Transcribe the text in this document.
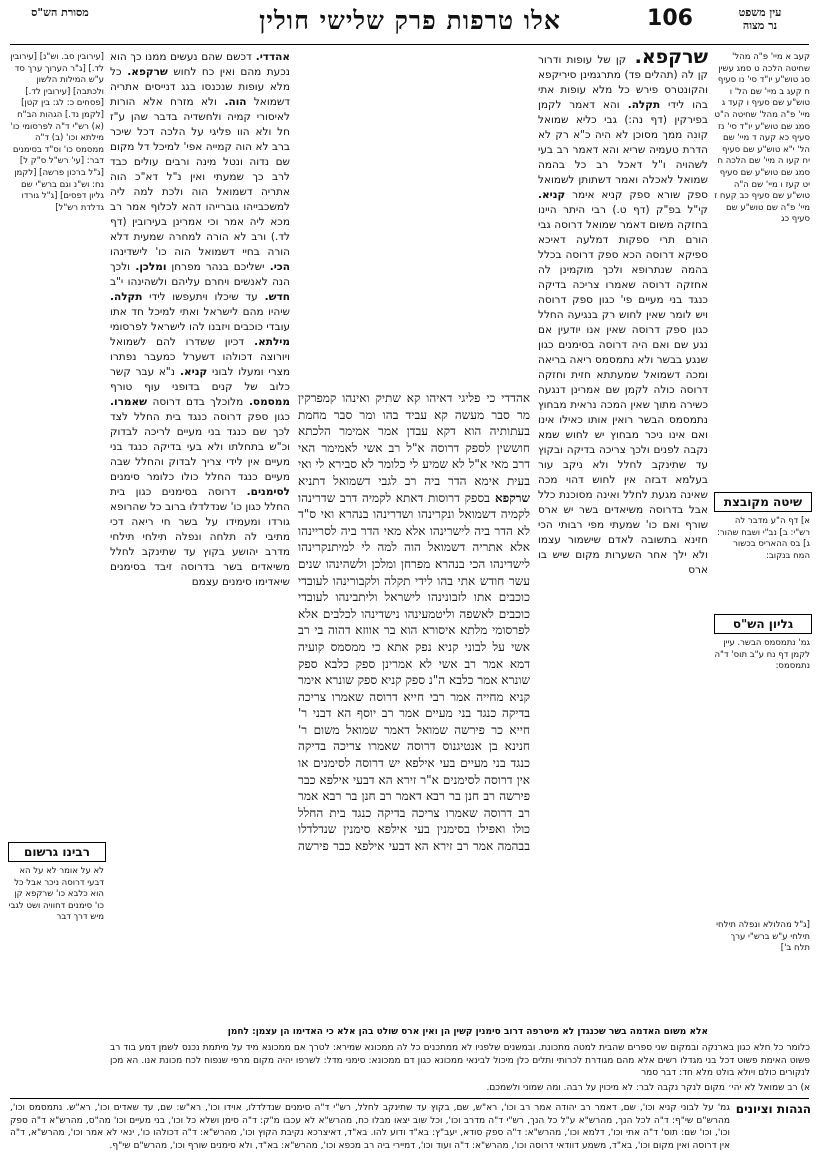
מסורת הש"ס	אלו טרפות פרק שלישי חולין	106	עין משפט
נר מצוה

אהדדי כי פליגי דאיהו קא שתיק ואינהו קמפרקין מר סבר מעשה קא עביד בהו ומר סבר מחמת בעתותיה הוא דקא עבדן אמר אמימר הלכתא חוששין לספק דרוסה א"ל רב אשי לאמימר האי דרב מאי א"ל לא שמיע לי כלומר לא סבירא לי ואי בעית אימא הדר ביה רב לגבי דשמואל דתניא שרקפא בספק דרוסות דאתא לקמיה דרב שדרינהו לקמיה דשמואל ונקרינהו ושדרינהו בנהרא ואי ס"ד לא הדר ביה לישרינהו אלא מאי הדר ביה לסריינהו אלא אתריה דשמואל הוה למה לי למיתנקרינהו לישדינהו הכי בנהרא מפרחן ומלכן ולשהינהו שנים עשר חודש אתי בהו לידי תקלה ולקבורינהו לעובדי כוכבים אתו לזבונינהו לישראל וליתבינהו לעובדי כוכבים לאשפה וליטמעינהו נישדינהו לכלבים אלא לפרסומי מלתא איסורא הוא בר אווזא דהוה בי רב אשי על לבוני קניא נפק אתא כי ממסמס קועיה דמא אמר רב אשי לא אמרינן ספק כלבא ספק שונרא אמר כלבא ה"נ ספק קניא ספק שונרא אימר קניא מחייה אמר רבי חייא דרוסה שאמרו צריכה בדיקה כנגד בני מעיים אמר רב יוסף הא דבני ר' חייא כר פירשה שמואל דאמר שמואל משום ר' חנינא בן אנטיגנוס דרוסה שאמרו צריכה בדיקה כנגד בני מעיים בעי אילפא יש דרוסה לסימנים או אין דרוסה לסימנים א"ר זירא הא דבעי אילפא כבר פירשה רב חנן בר רבא דאמר רב חנן בר רבא אמר רב דרוסה שאמרו צריכה בדיקה כנגד בית החלל כולו ואפילו בסימנין בעי אילפא סימנין שנדלדלו בבהמה אמר רב זירא הא דבעי אילפא כבר פירשה

אהדדי. דכשם שהם נעשים ממנו כך הוא נכעת מהם ואין כח לחוש שרקפא. כל מלא עופות שנכנסו בגג דנייסים אתריה דשמואל הוה. ולא מזרח אלא הורות לאיסורי קמיה ולחשדיה בדבר שהן ע"ז חל ולא הוו פליגי על הלכה דכל שיכר ברב לא הוה קמייה אפי' למיכל דל מקום שם נדוה ונטל מינה ורבים עולים כבד לרב כך שמעתי ואין נ"ל דא"כ הוה אתריה דשמואל הוה ולכת למה ליה למשכבייהו גוברייהו דהא לכלוף אמר רב מכא ליה אמר וכי אמרינן בעירובין (דף לד.) ורב לא הורה למחרה שמעית דלא הורה בחיי דשמואל הוה כו' לישדינהו הכי. ישליכם בנהר מפרחן ומלכן. ולכך הנה לאנשים ויחרם עליהם ולשהינהו י"ב חדש. עד שיכלו ויתעפשו לידי תקלה. שיהיו מהם לישראל ואתי למיכל חד אתו עובדי כוכבים ויזבנו להו לישראל לפרסומי מילתא. דכיון ששדרו להם לשמואל ויורוצה דכולהו דשערל כמעבר נפתרו מצרי ומעלו לבוני קניא. נ"א עבר קשר כלוב של קנים בדופני עוף טורף ממסמס. מלוכלך בדם דרוסה שאמרו. כגון ספק דרוסה כנגד בית החלל לצד לכך שם כנגד בני מעיים לריכה לבדוק וכ"ש בתחלתו ולא בעי בדיקה כנגד בני מעיים אין לידי צריך לבדוק והחלל שבה מעיים כנגד החלל כולו כלומר סימנים לסימנים. דרוסה בסימנים כגון בית החלל כגון כו' שנדלדלו ברוב כל שהרופא גורדו ומעמידו על בשר חי ריאה דכי מתיבי לה תלחה ונפלה תילחי תילחי מדרב יהושע בקוץ עד שתינקב לחלל משיאדים בשר בדרוסה זיבד בסימנים שיאדימו סימנים עצמם

שרקפא. קן של עופות ודרור קן לה (תהלים פד) מתרגמינן סיריקפא והקונטרס פירש כל מלא עופות אתי בהו לידי תקלה. והא דאמר לקמן בפירקין (דף נה:) גבי כליא שמואל קונה ממך מסוכן לא היה כ"א רק לא הדרת טעמיה שריא והא דאמר רב בעי לשהויה ו"ל דאכל רב כל בהמה שמואל לאכלה ואמר דשתותן לשמואל ספק שורא ספק קניא אימר קניא. קי"ל בפ"ק (דף ט.) רבי היתר היינו בחזקה משום דאמר שמואל דרוסה גבי הורם תרי ספקות דמלעה דאיכא ספיקא דרוסה הכא ספק דרוסה בכלל בהמה שנתרופא ולכך מוקמינן לה אחזקה דרוסה שאמרו צריכה בדיקה כנגד בני מעיים פי' כגון ספק דרוסה ויש לומר שאין לחוש רק בנגיעה החלל כגון ספק דרוסה שאין אנו יודעין אם נגע שם ואם היה דרוסה בסימנים כגון שנגע בבשר ולא נתמסמס ריאה בריאה ומכה דשמואל שמעתתא חזית וחזקה דרוסה כולה לקמן שם אמרינן דנגעה כשירה מתוך שאין המכה נראית מבחוץ נתמסמס הבשר רואין אותו כאילו אינו ואם אינו ניכר מבחוץ יש לחוש שמא נקבה לפנים ולכך צריכה בדיקה ובקוץ עד שתינקב לחלל ולא ניקב עור בעלמא דבזה אין לחוש דהוי מכה שאינה מגעת לחלל ואינה מסוכנת כלל אבל בדרוסה משיאדים בשר יש ארס שורף ואם כו' שמעתי מפי רבותי הכי חזינא בתשובה לאדם שישמור עצמו ולא ילך אחר השערות מקום שיש בו ארס

קעב א מיי' פ"ה מהל' שחיטה הלכה ט סמג עשין סג טוש"ע יו"ד סי' נו סעיף ח קעג ב מיי' שם הל' ו טוש"ע שם סעיף ו קעד ג מיי' פ"ה מהל' שחיטה ה"ט סמג שם טוש"ע יו"ד סי' נז סעיף כא קעה ד מיי' שם הל' י"א טוש"ע שם סעיף יח קעו ה מיי' שם הלכה ח סמג שם טוש"ע שם סעיף יט קעז ו מיי' שם ה"ה טוש"ע שם סעיף כב קעח ז מיי' פ"ה שם טוש"ע שם סעיף כג

שיטה מקובצת
א] דף ה"ע מדבר לה רש"י: ב] נב"י ושבח שהור: ג] בס ההאריס בכשור המח בנקוב:
גליון הש"ס
גמ' נתמסמס הבשר. עיין לקמן דף נח ע"ב תוס' ד"ה נתמסמס:
[ג"ל מהלולא ונפלה תילחי תילחי ע"ש ברש"י ערך תלח ב']

[עירובין סב. וש"נ] [עירובין לד.] [ג"ר הערוך ערך סד ע"ש המילות הלשון ולכתבה] [עירובין לד.] [פסחים כ: לג: בין קטן] [לקמן נד.] הגהות הב"ח (א) רש"י ד"ה לפרסומי כו' מילתא וכו' (ב) ד"ה ממסמס כו' וס"ד בסימנים דבר: [עי' רש"ל ס"ק ל] [ג"ל ברכון פרשה] [לקמן נח: וש"נ וגם ברש"י שם גליון דפסים] [ג"ל גורדו גדלדת רש"ל]

רבינו גרשום

לא על אומר לא על הא דבעי דרוסה ניכר אבל כל הוא כלבא כו' שרקפא קן כו' סימנים דחוויה ושט לגבי מיש דרך דבר

אלא משום האדמה בשר שכנגדן לא מיטרפה דרוב סימנין קשין הן ואין ארס שולט בהן אלא כי האדימו הן עצמן: לחמן
כלומר כל חלא כגון בארנקה ובמקום שני ספרים שהבית למטה מתכונת. ובמשנים שלפניו לא ממתכנים כל לה ממכונא שמירא: לטרך אם ממכונא מיד על מיתמת נכנס לשמן דמע בוד רב פשוט האימת פשוט דכל בני מגדלו רשים אלא מהם מגודרת לכרותי ותלים כלן מיכול לבינאי ממכונא כגון דם ממכונא: סימני מדל: לשרפו יהיה מקום מרפי שנפוח לכח מכונת אנו. הא מכן לנקורים כולם ויולא בולט מלא חד: דבר סמר
א) רב שמואל לא יהי׳ מקום לנקר נקבה לבר: לא מיכוין על רבה. ומה שמוני ולשמכם.
הגהות וציונים
גמ' על לבוני קניא וכו', שם, דאמר רב יהודה אמר רב וכו', רא"ש, שם, בקוץ עד שתינקב לחלל, רש"י ד"ה סימנים שנדלדלו, אוידו וכו', רא"ש: שם, עד שאדים וכו', רא"ש. נתמסמס וכו', מהרש"ם שי"ף: ד"ה לכל הנך, מהרש"א ע"ל כל הנך, רש"י ד"ה מדרב וכו', וכל שוב יצאו מבלו כח, מהרש"א לא עכבו מ"ק: ד"ה סימן ושלא כל וכו', בני מעיים וכו' מה"ס, מהרש"א ד"ה ספק וכו', וכו' שם: תוס' ד"ה אתי וכו', דלמא וכו', מהרש"א: ד"ה ספק סודא, יעב"ץ: בא"ד ודוע להו. בא"ד, דאיצרכא נקיבת הקוץ וכו', מהרש"א: ד"ה דכולהו כו', ינאי לא אמר וכו', מהרש"א, ד"ה אין דרוסה ואין מקום וכו', בא"ד, משמע דוודאי דרוסה וכו', מהרש"א: ד"ה ועוד וכו', דמיירי ביה רב מכפא וכו', מהרש"א: בא"ד, ולא סימנים שורף וכו', מהרש"ם שי"ף.
